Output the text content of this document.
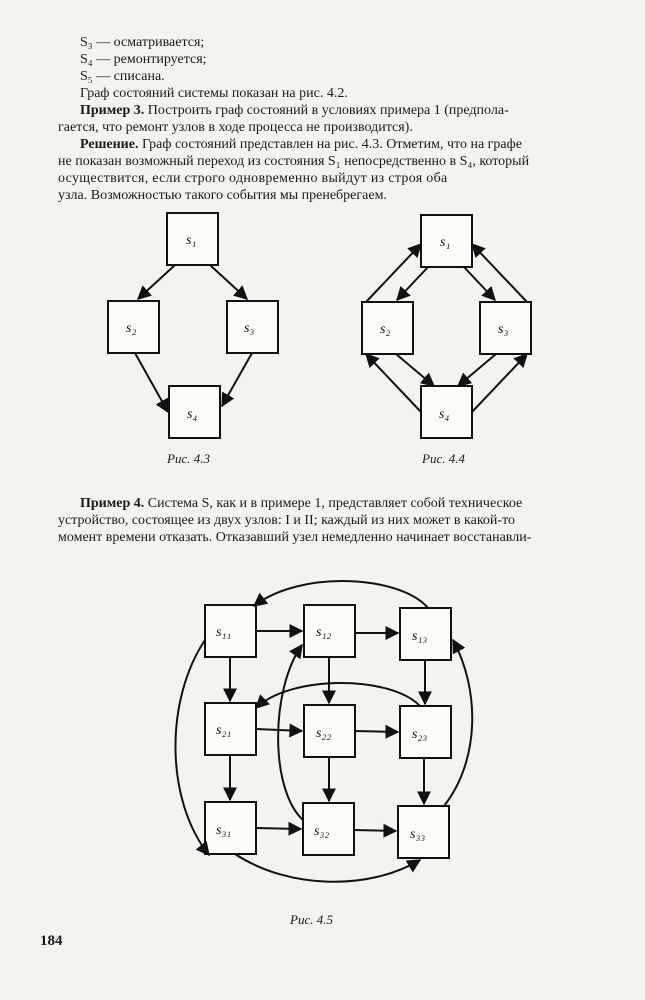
S₃ — осматривается;
S₄ — ремонтируется;
S₅ — списана.
Граф состояний системы показан на рис. 4.2.
Пример 3. Построить граф состояний в условиях примера 1 (предпола-
гается, что ремонт узлов в ходе процесса не производится).
Решение. Граф состояний представлен на рис. 4.3. Отметим, что на графе
не показан возможный переход из состояния S₁ непосредственно в S₄, который
осуществится, если строго одновременно выйдут из строя оба
узла. Возможностью такого события мы пренебрегаем.
s₁
s₂	s₃
s₄
s₁
s₂	s₃
s₄
s₁₁	s₁₂	s₁₃
s₂₁	s₂₂	s₂₃
s₃₁	s₃₂	s₃₃
Рис. 4.3	Рис. 4.4
Пример 4. Система S, как и в примере 1, представляет собой техническое
устройство, состоящее из двух узлов: I и II; каждый из них может в какой-то
момент времени отказать. Отказавший узел немедленно начинает восстанавли-
Рис. 4.5
184
